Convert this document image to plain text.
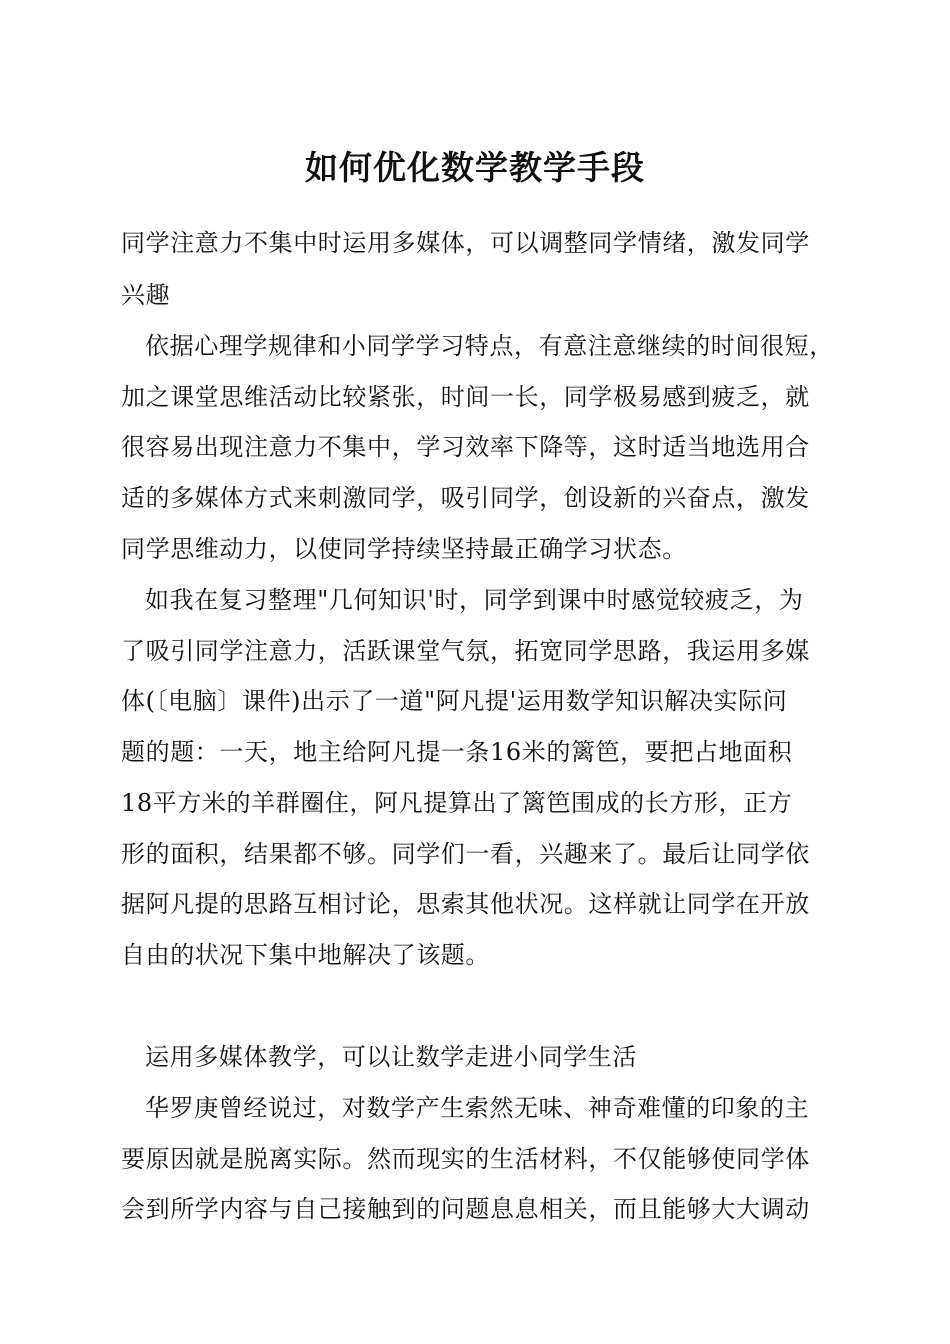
如何优化数学教学手段
同学注意力不集中时运用多媒体，可以调整同学情绪，激发同学
兴趣
依据心理学规律和小同学学习特点，有意注意继续的时间很短，
加之课堂思维活动比较紧张，时间一长，同学极易感到疲乏，就
很容易出现注意力不集中，学习效率下降等，这时适当地选用合
适的多媒体方式来刺激同学，吸引同学，创设新的兴奋点，激发
同学思维动力，以使同学持续坚持最正确学习状态。
如我在复习整理"几何知识'时，同学到课中时感觉较疲乏，为
了吸引同学注意力，活跃课堂气氛，拓宽同学思路，我运用多媒
体(〔电脑〕课件)出示了一道"阿凡提'运用数学知识解决实际问
题的题：一天，地主给阿凡提一条16米的篱笆，要把占地面积
18平方米的羊群圈住，阿凡提算出了篱笆围成的长方形，正方
形的面积，结果都不够。同学们一看，兴趣来了。最后让同学依
据阿凡提的思路互相讨论，思索其他状况。这样就让同学在开放
自由的状况下集中地解决了该题。
运用多媒体教学，可以让数学走进小同学生活
华罗庚曾经说过，对数学产生索然无味、神奇难懂的印象的主
要原因就是脱离实际。然而现实的生活材料，不仅能够使同学体
会到所学内容与自己接触到的问题息息相关，而且能够大大调动
